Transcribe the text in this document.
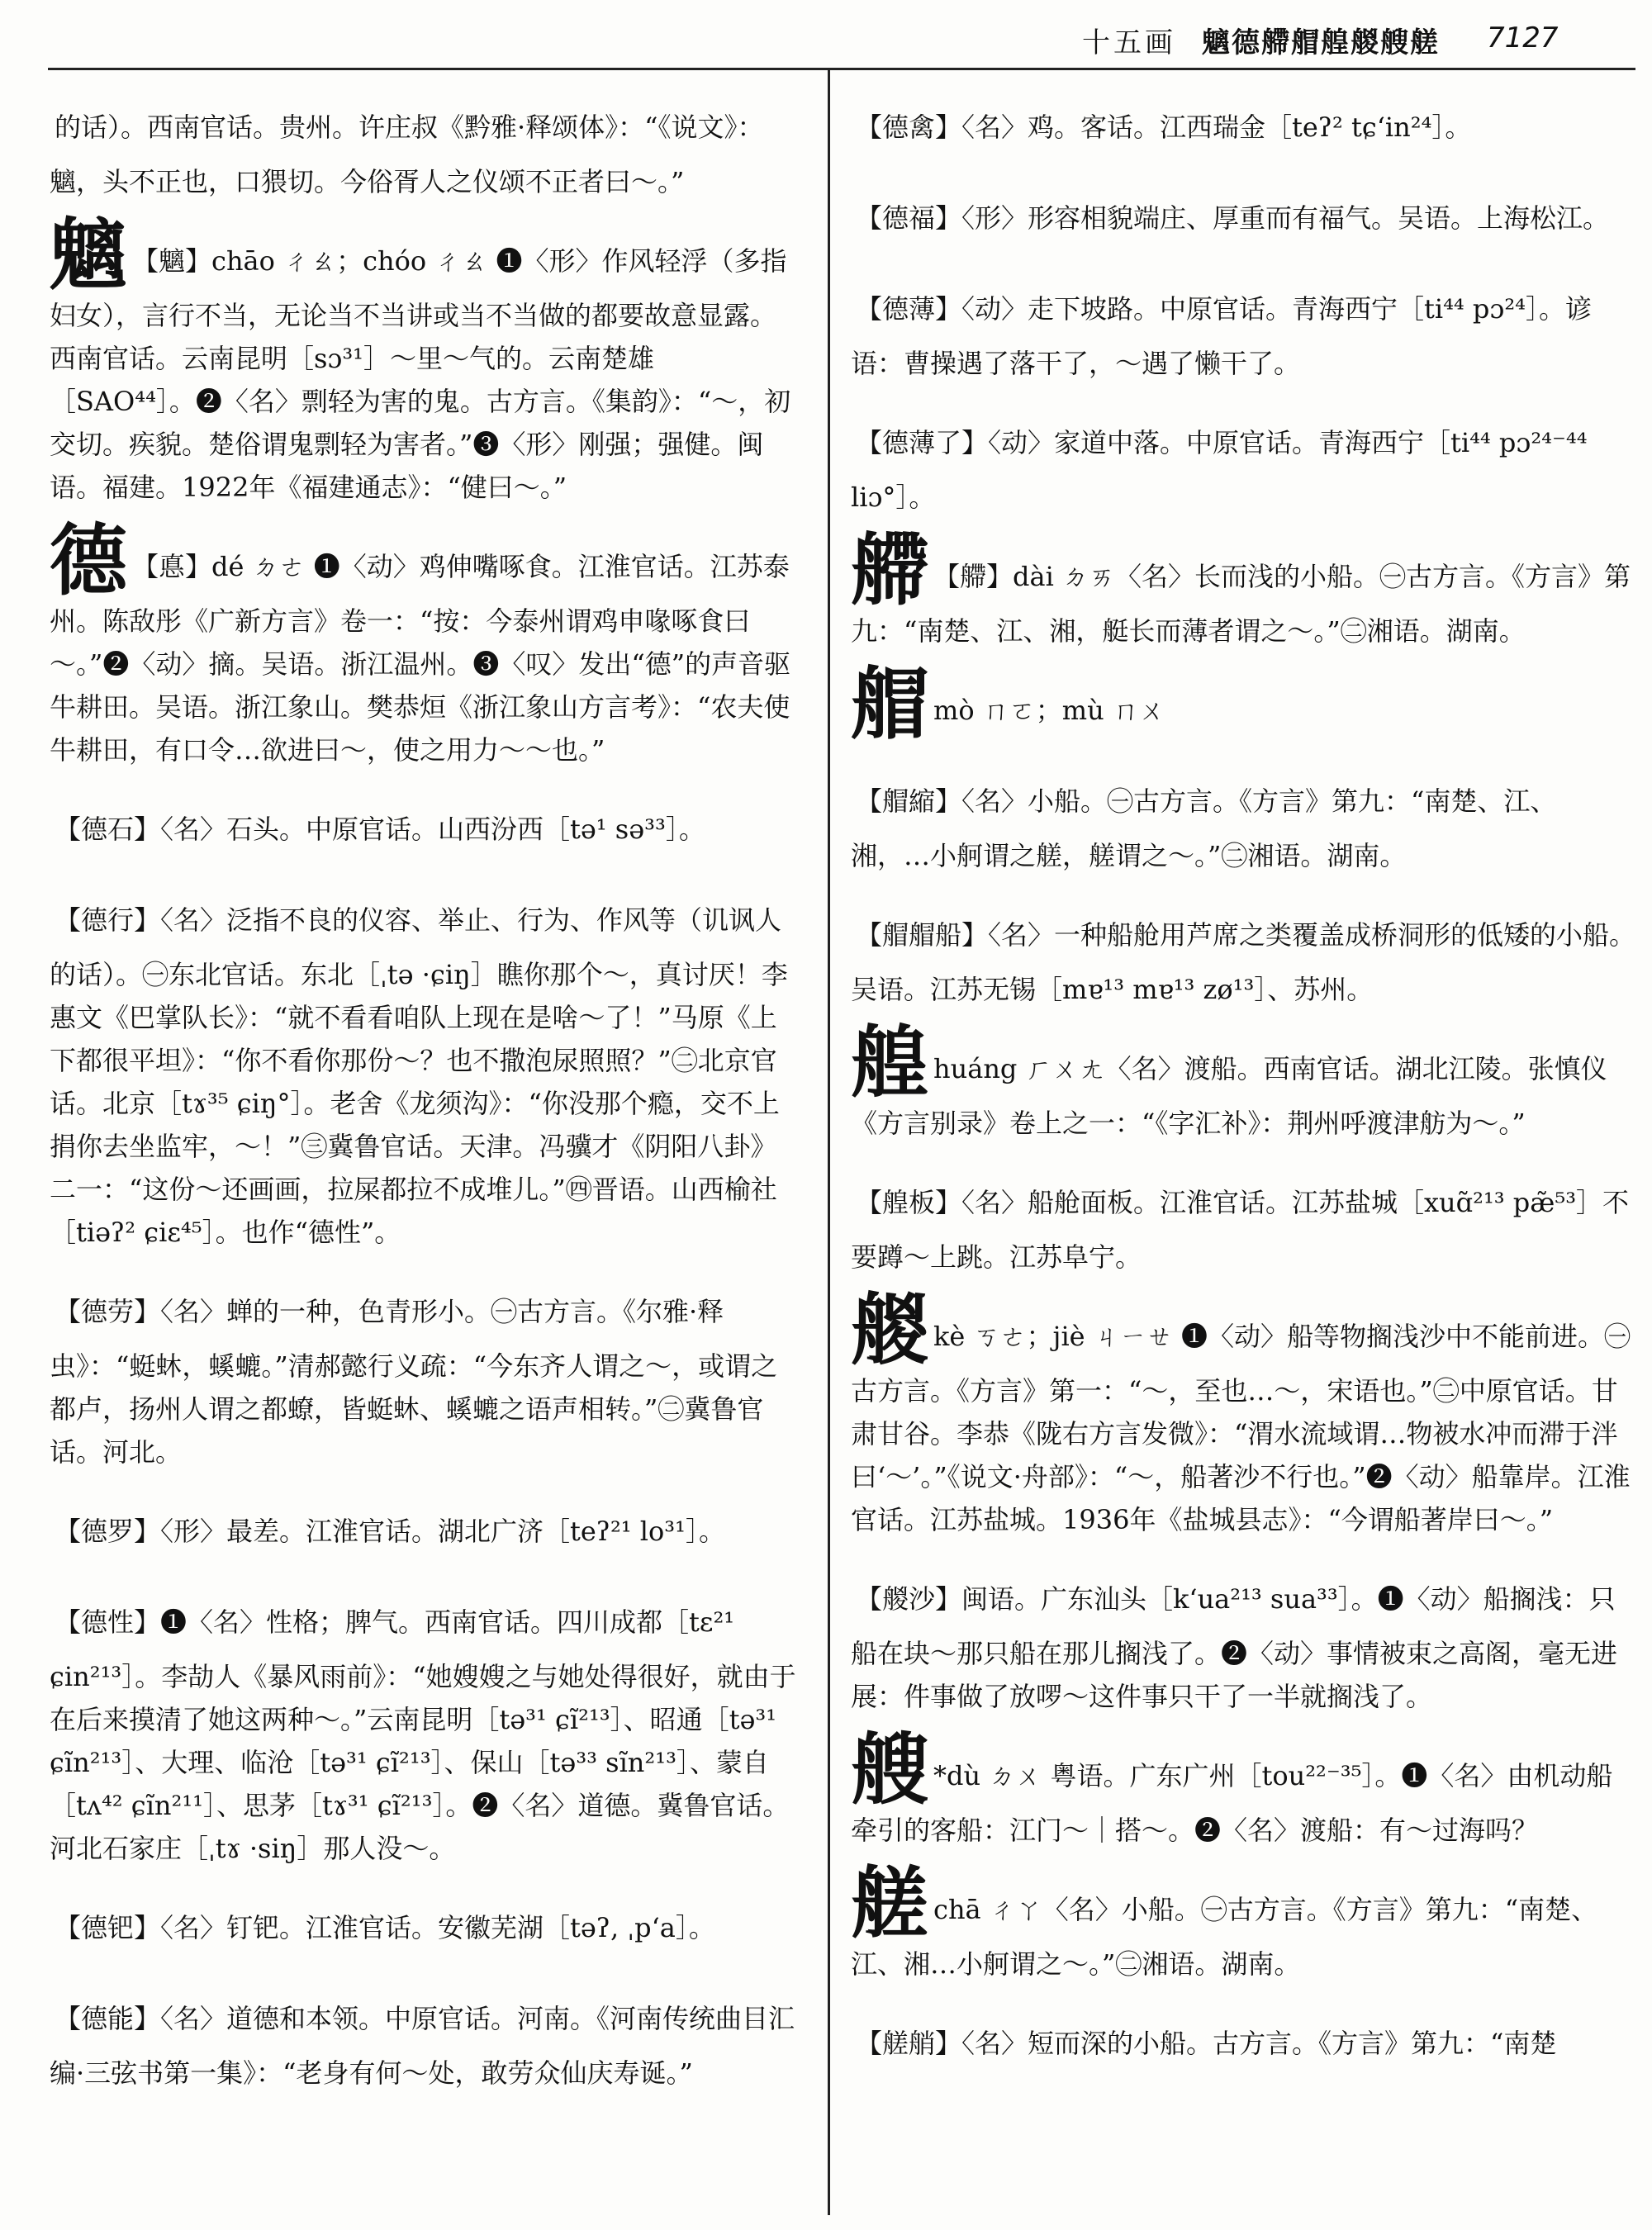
十五画 魑德艜艒艎艐艘艖 7127

的话）。西南官话。贵州。许庄叔《黔雅·释颂体》：“《说文》：魑，头不正也，口猥切。今俗胥人之仪颂不正者曰～。”

魑 【魑】chāo ㄔㄠ；chóo ㄔㄠ ❶〈形〉作风轻浮（多指妇女），言行不当，无论当不当讲或当不当做的都要故意显露。西南官话。云南昆明［sɔ³¹］～里～气的。云南楚雄［SAO⁴⁴］。❷〈名〉剽轻为害的鬼。古方言。《集韵》：“～，初交切。疾貌。楚俗谓鬼剽轻为害者。”❸〈形〉刚强；强健。闽语。福建。1922年《福建通志》：“健曰～。”

德 【悳】dé ㄉㄜ ❶〈动〉鸡伸嘴啄食。江淮官话。江苏泰州。陈敌彤《广新方言》卷一：“按：今泰州谓鸡申喙啄食曰～。”❷〈动〉摘。吴语。浙江温州。❸〈叹〉发出“德”的声音驱牛耕田。吴语。浙江象山。樊恭烜《浙江象山方言考》：“农夫使牛耕田，有口令…欲进曰～，使之用力～～也。”

【德石】〈名〉石头。中原官话。山西汾西［tə¹ sə³³］。

【德行】〈名〉泛指不良的仪容、举止、行为、作风等（讥讽人的话）。㊀东北官话。东北［ˌtə ·ɕiŋ］瞧你那个～，真讨厌！李惠文《巴掌队长》：“就不看看咱队上现在是啥～了！”马原《上下都很平坦》：“你不看你那份～？也不撒泡尿照照？”㊁北京官话。北京［tɤ³⁵ ɕiŋ°］。老舍《龙须沟》：“你没那个瘾，交不上捐你去坐监牢，～！”㊂冀鲁官话。天津。冯骥才《阴阳八卦》二一：“这份～还画画，拉屎都拉不成堆儿。”㊃晋语。山西榆社［tiəʔ² ɕiɛ⁴⁵］。也作“德性”。

【德劳】〈名〉蝉的一种，色青形小。㊀古方言。《尔雅·释虫》：“蜓蚞，螇螰。”清郝懿行义疏：“今东齐人谓之～，或谓之都卢，扬州人谓之都蟟，皆蜓蚞、螇螰之语声相转。”㊁冀鲁官话。河北。

【德罗】〈形〉最差。江淮官话。湖北广济［teʔ²¹ lo³¹］。

【德性】❶〈名〉性格；脾气。西南官话。四川成都［tɛ²¹ ɕin²¹³］。李劼人《暴风雨前》：“她嫂嫂之与她处得很好，就由于在后来摸清了她这两种～。”云南昆明［tə³¹ ɕĩ²¹³］、昭通［tə³¹ ɕĩn²¹³］、大理、临沧［tə³¹ ɕĩ²¹³］、保山［tə³³ sĩn²¹³］、蒙自［tʌ⁴² ɕĩn²¹¹］、思茅［tɤ³¹ ɕĩ²¹³］。❷〈名〉道德。冀鲁官话。河北石家庄［ˌtɤ ·siŋ］那人没～。

【德钯】〈名〉钉钯。江淮官话。安徽芜湖［təʔ, ˌpʻa］。

【德能】〈名〉道德和本领。中原官话。河南。《河南传统曲目汇编·三弦书第一集》：“老身有何～处，敢劳众仙庆寿诞。”

【德禽】〈名〉鸡。客话。江西瑞金［teʔ² tɕʻin²⁴］。

【德福】〈形〉形容相貌端庄、厚重而有福气。吴语。上海松江。

【德薄】〈动〉走下坡路。中原官话。青海西宁［ti⁴⁴ pɔ²⁴］。谚语：曹操遇了落干了，～遇了懒干了。

【德薄了】〈动〉家道中落。中原官话。青海西宁［ti⁴⁴ pɔ²⁴⁻⁴⁴ liɔ°］。

艜 【艜】dài ㄉㄞ〈名〉长而浅的小船。㊀古方言。《方言》第九：“南楚、江、湘，艇长而薄者谓之～。”㊁湘语。湖南。

艒mò ㄇㄛ；mù ㄇㄨ

【艒縮】〈名〉小船。㊀古方言。《方言》第九：“南楚、江、湘，…小舸谓之艖，艖谓之～。”㊁湘语。湖南。

【艒艒船】〈名〉一种船舱用芦席之类覆盖成桥洞形的低矮的小船。吴语。江苏无锡［mɐ¹³ mɐ¹³ zø¹³］、苏州。

艎huáng ㄏㄨㄤ〈名〉渡船。西南官话。湖北江陵。张慎仪《方言别录》卷上之一：“《字汇补》：荆州呼渡津舫为～。”

【艎板】〈名〉船舱面板。江淮官话。江苏盐城［xuɑ̃²¹³ pæ̃⁵³］不要蹲～上跳。江苏阜宁。

艐kè ㄎㄜ；jiè ㄐㄧㄝ ❶〈动〉船等物搁浅沙中不能前进。㊀古方言。《方言》第一：“～，至也…～，宋语也。”㊁中原官话。甘肃甘谷。李恭《陇右方言发微》：“渭水流域谓…物被水冲而滞于泮曰‘～’。”《说文·舟部》：“～，船著沙不行也。”❷〈动〉船靠岸。江淮官话。江苏盐城。1936年《盐城县志》：“今谓船著岸曰～。”

【艐沙】闽语。广东汕头［kʻua²¹³ sua³³］。❶〈动〉船搁浅：只船在块～那只船在那儿搁浅了。❷〈动〉事情被束之高阁，毫无进展：件事做了放啰～这件事只干了一半就搁浅了。

艘 *dù ㄉㄨ 粤语。广东广州［tou²²⁻³⁵］。❶〈名〉由机动船牵引的客船：江门～｜搭～。❷〈名〉渡船：有～过海吗？

艖chā ㄔㄚ〈名〉小船。㊀古方言。《方言》第九：“南楚、江、湘…小舸谓之～。”㊁湘语。湖南。

【艖艄】〈名〉短而深的小船。古方言。《方言》第九：“南楚
